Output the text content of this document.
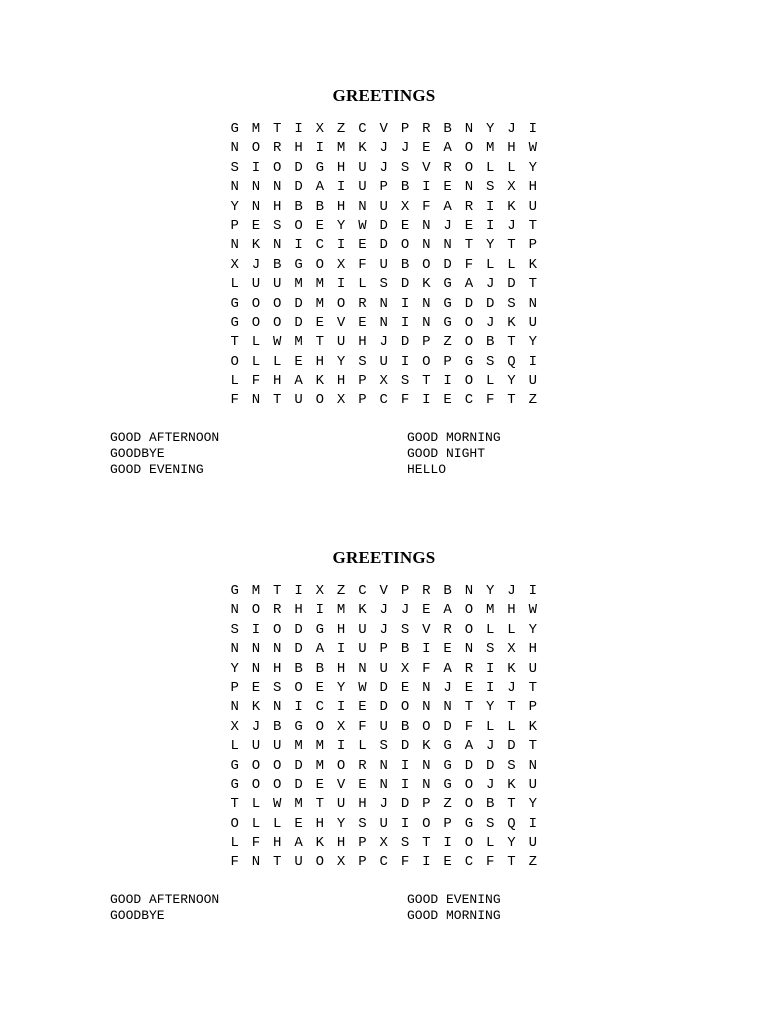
GREETINGS
G M T I X Z C V P R B N Y J I
N O R H I M K J J E A O M H W
S I O D G H U J S V R O L L Y
N N N D A I U P B I E N S X H
Y N H B B H N U X F A R I K U
P E S O E Y W D E N J E I J T
N K N I C I E D O N N T Y T P
X J B G O X F U B O D F L L K
L U U M M I L S D K G A J D T
G O O D M O R N I N G D D S N
G O O D E V E N I N G O J K U
T L W M T U H J D P Z O B T Y
O L L E H Y S U I O P G S Q I
L F H A K H P X S T I O L Y U
F N T U O X P C F I E C F T Z
GOOD AFTERNOON
GOODBYE
GOOD EVENING
GOOD MORNING
GOOD NIGHT
HELLO
GREETINGS
G M T I X Z C V P R B N Y J I
N O R H I M K J J E A O M H W
S I O D G H U J S V R O L L Y
N N N D A I U P B I E N S X H
Y N H B B H N U X F A R I K U
P E S O E Y W D E N J E I J T
N K N I C I E D O N N T Y T P
X J B G O X F U B O D F L L K
L U U M M I L S D K G A J D T
G O O D M O R N I N G D D S N
G O O D E V E N I N G O J K U
T L W M T U H J D P Z O B T Y
O L L E H Y S U I O P G S Q I
L F H A K H P X S T I O L Y U
F N T U O X P C F I E C F T Z
GOOD AFTERNOON
GOODBYE
GOOD EVENING
GOOD MORNING
